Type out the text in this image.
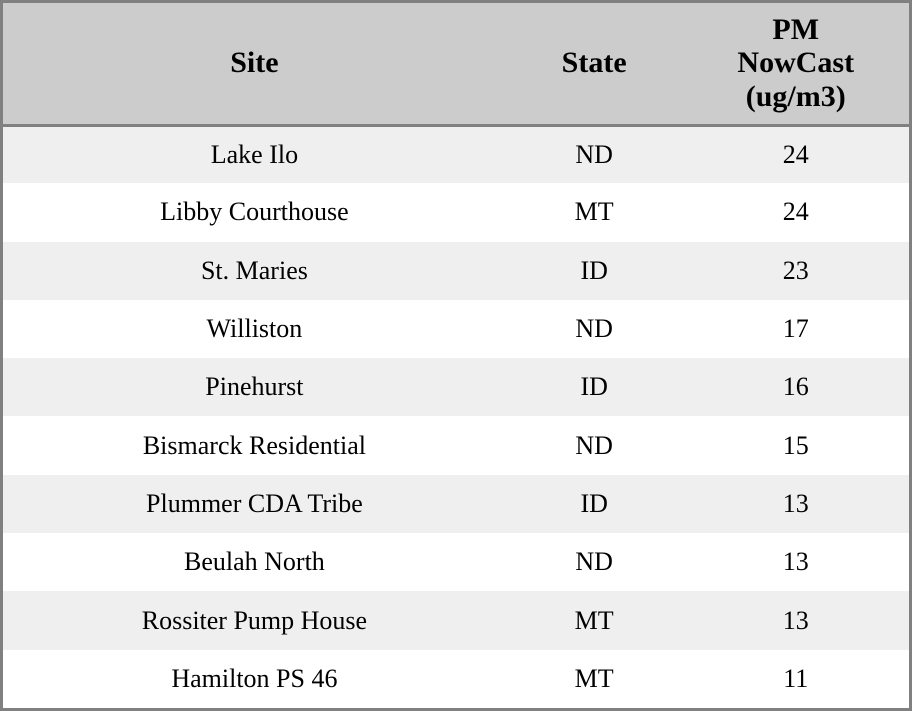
Site	State	PM
NowCast
(ug/m3)

Lake Ilo	ND	24
Libby Courthouse	MT	24
St. Maries	ID	23
Williston	ND	17
Pinehurst	ID	16
Bismarck Residential	ND	15
Plummer CDA Tribe	ID	13
Beulah North	ND	13
Rossiter Pump House	MT	13
Hamilton PS 46	MT	11
